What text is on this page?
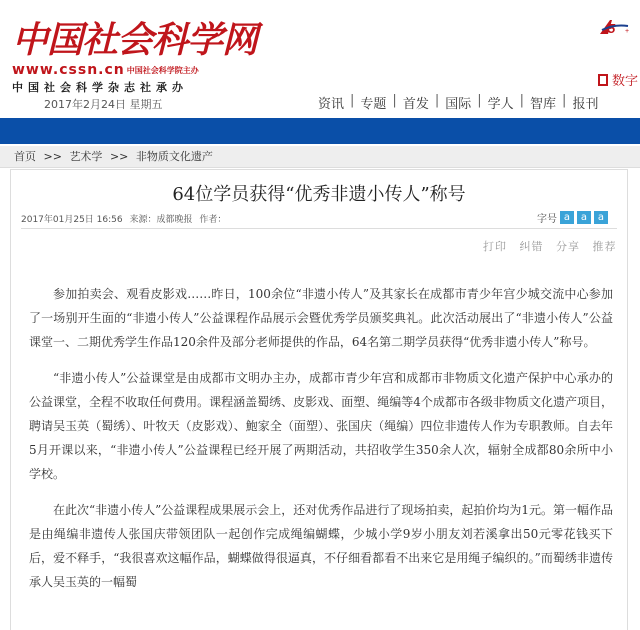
中国社会科学网
www.cssn.cn 中国社会科学院主办
中国社会科学杂志社承办
2017年2月24日 星期五
5 +
数字
资讯 | 专题 | 首发 | 国际 | 学人 | 智库 | 报刊
首页 >> 艺术学 >> 非物质文化遗产
64位学员获得“优秀非遗小传人”称号
2017年01月25日 16:56 来源：成都晚报 作者：	字号 a	a	a
打印 纠错 分享 推荐

参加拍卖会、观看皮影戏……昨日，100余位“非遗小传人”及其家长在成都市青少年宫少城交流中心参加了一场别开生面的“非遗小传人”公益课程作品展示会暨优秀学员颁奖典礼。此次活动展出了“非遗小传人”公益课堂一、二期优秀学生作品120余件及部分老师提供的作品，64名第二期学员获得“优秀非遗小传人”称号。

“非遗小传人”公益课堂是由成都市文明办主办，成都市青少年宫和成都市非物质文化遗产保护中心承办的公益课堂，全程不收取任何费用。课程涵盖蜀绣、皮影戏、面塑、绳编等4个成都市各级非物质文化遗产项目，聘请吴玉英（蜀绣）、叶牧天（皮影戏）、鮑家全（面塑）、张国庆（绳编）四位非遗传人作为专职教师。自去年5月开课以来，“非遗小传人”公益课程已经开展了两期活动，共招收学生350余人次，辐射全成都80余所中小学校。

在此次“非遗小传人”公益课程成果展示会上，还对优秀作品进行了现场拍卖，起拍价均为1元。第一幅作品是由绳编非遗传人张国庆带领团队一起创作完成绳编蝴蝶，少城小学9岁小朋友刘若溪拿出50元零花钱买下后，爱不释手，“我很喜欢这幅作品，蝴蝶做得很逼真，不仔细看都看不出来它是用绳子编织的。”而蜀绣非遗传承人吴玉英的一幅蜀
